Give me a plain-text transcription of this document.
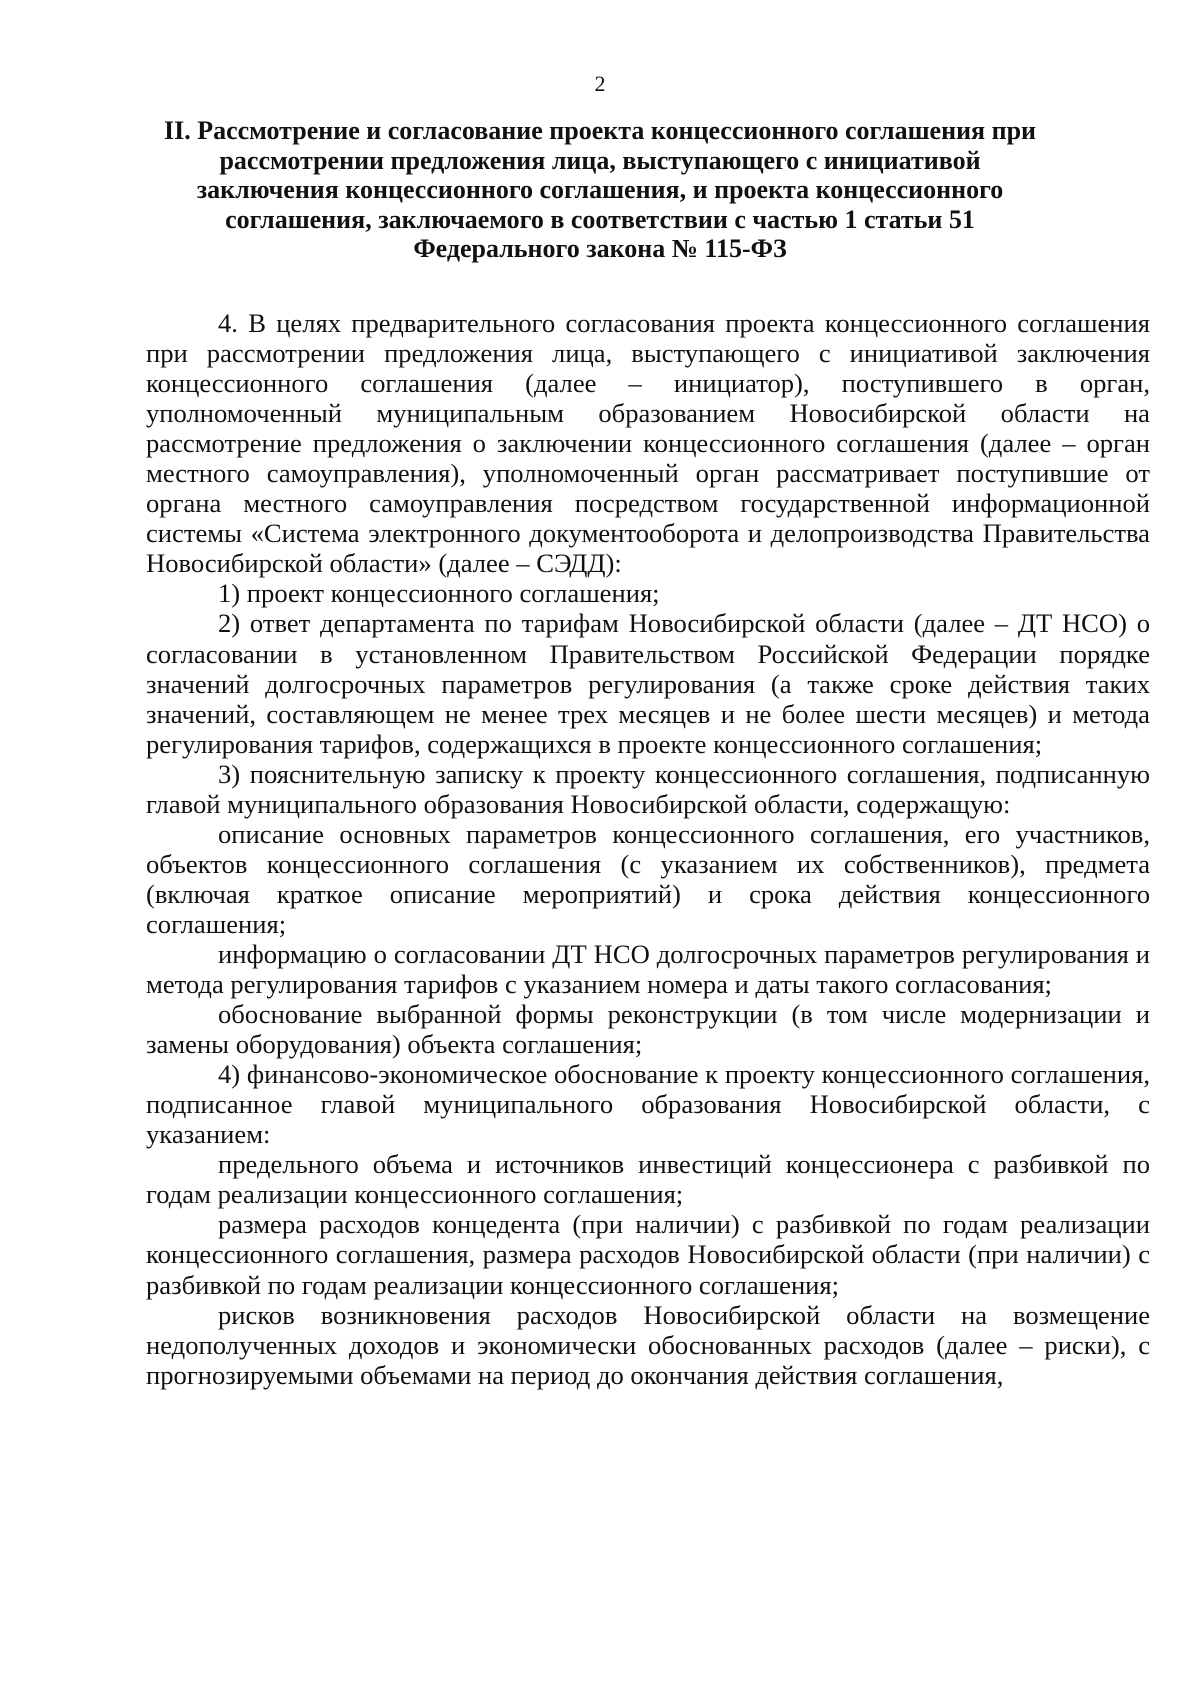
2
II. Рассмотрение и согласование проекта концессионного соглашения при рассмотрении предложения лица, выступающего с инициативой заключения концессионного соглашения, и проекта концессионного соглашения, заключаемого в соответствии с частью 1 статьи 51 Федерального закона № 115-ФЗ

4. В целях предварительного согласования проекта концессионного соглашения при рассмотрении предложения лица, выступающего с инициативой заключения концессионного соглашения (далее – инициатор), поступившего в орган, уполномоченный муниципальным образованием Новосибирской области на рассмотрение предложения о заключении концессионного соглашения (далее – орган местного самоуправления), уполномоченный орган рассматривает поступившие от органа местного самоуправления посредством государственной информационной системы «Система электронного документооборота и делопроизводства Правительства Новосибирской области» (далее – СЭДД):

1) проект концессионного соглашения;

2) ответ департамента по тарифам Новосибирской области (далее – ДТ НСО) о согласовании в установленном Правительством Российской Федерации порядке значений долгосрочных параметров регулирования (а также сроке действия таких значений, составляющем не менее трех месяцев и не более шести месяцев) и метода регулирования тарифов, содержащихся в проекте концессионного соглашения;

3) пояснительную записку к проекту концессионного соглашения, подписанную главой муниципального образования Новосибирской области, содержащую:

описание основных параметров концессионного соглашения, его участников, объектов концессионного соглашения (с указанием их собственников), предмета (включая краткое описание мероприятий) и срока действия концессионного соглашения;

информацию о согласовании ДТ НСО долгосрочных параметров регулирования и метода регулирования тарифов с указанием номера и даты такого согласования;

обоснование выбранной формы реконструкции (в том числе модернизации и замены оборудования) объекта соглашения;

4) финансово-экономическое обоснование к проекту концессионного соглашения, подписанное главой муниципального образования Новосибирской области, с указанием:

предельного объема и источников инвестиций концессионера с разбивкой по годам реализации концессионного соглашения;

размера расходов концедента (при наличии) с разбивкой по годам реализации концессионного соглашения, размера расходов Новосибирской области (при наличии) с разбивкой по годам реализации концессионного соглашения;

рисков возникновения расходов Новосибирской области на возмещение недополученных доходов и экономически обоснованных расходов (далее – риски), с прогнозируемыми объемами на период до окончания действия соглашения,
